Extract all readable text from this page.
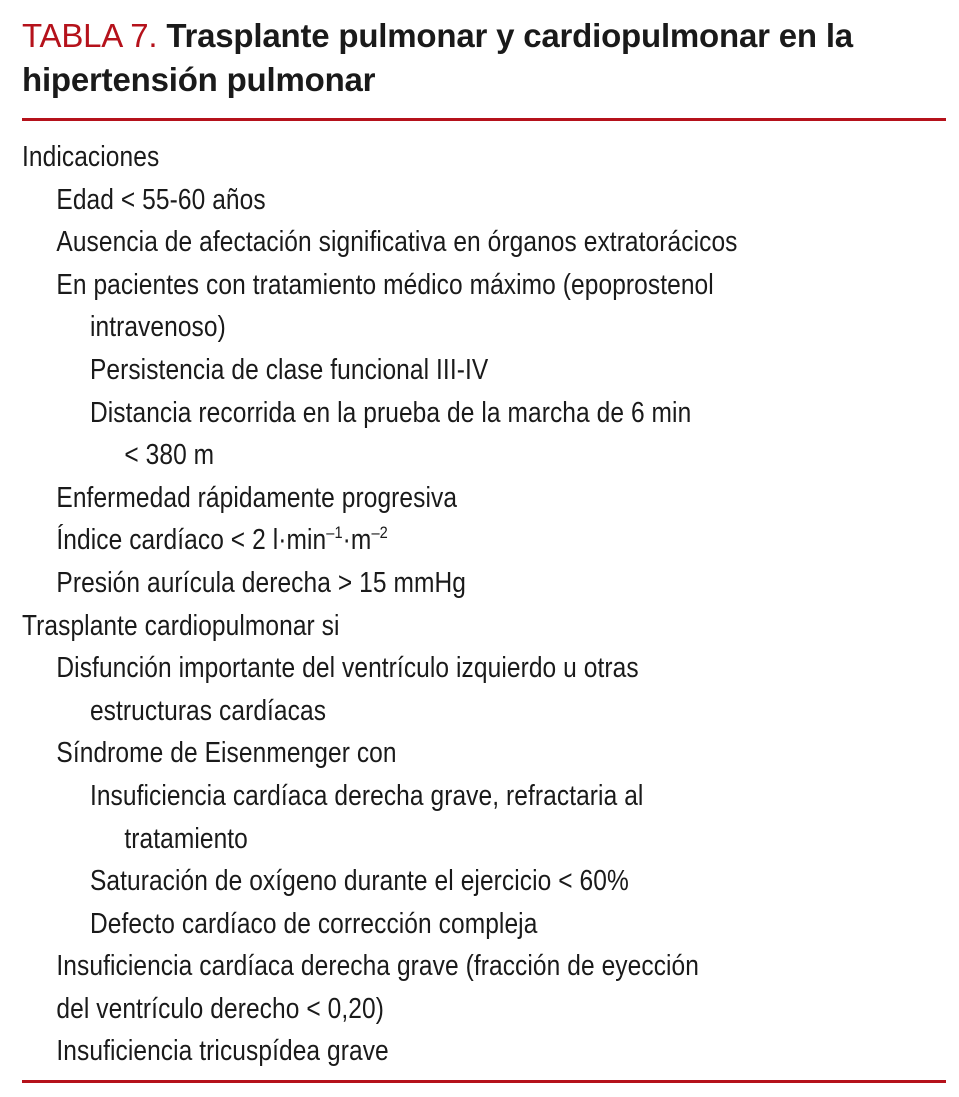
TABLA 7. Trasplante pulmonar y cardiopulmonar en la hipertensión pulmonar
Indicaciones
Edad < 55-60 años
Ausencia de afectación significativa en órganos extratorácicos
En pacientes con tratamiento médico máximo (epoprostenol
intravenoso)
Persistencia de clase funcional III-IV
Distancia recorrida en la prueba de la marcha de 6 min
< 380 m
Enfermedad rápidamente progresiva
Índice cardíaco < 2 $l\cdot\min^{-1}\cdot m^{-2}$
Presión aurícula derecha > 15 mmHg
Trasplante cardiopulmonar si
Disfunción importante del ventrículo izquierdo u otras
estructuras cardíacas
Síndrome de Eisenmenger con
Insuficiencia cardíaca derecha grave, refractaria al
tratamiento
Saturación de oxígeno durante el ejercicio < 60%
Defecto cardíaco de corrección compleja
Insuficiencia cardíaca derecha grave (fracción de eyección
del ventrículo derecho < 0,20)
Insuficiencia tricuspídea grave
